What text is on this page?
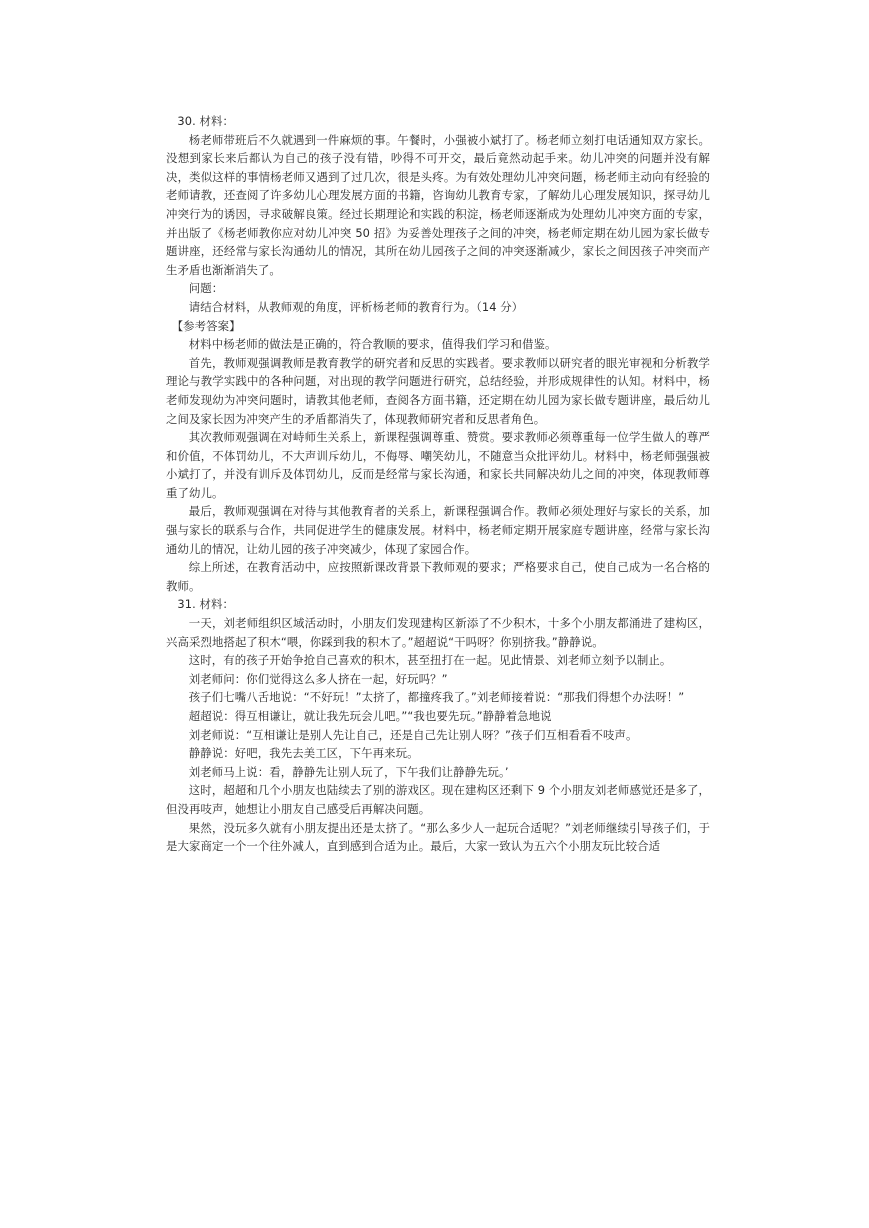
30. 材料：

杨老师带班后不久就遇到一件麻烦的事。午餐时，小强被小斌打了。杨老师立刻打电话通知双方家长。没想到家长来后都认为自己的孩子没有错，吵得不可开交，最后竟然动起手来。幼儿冲突的问题并没有解决，类似这样的事情杨老师又遇到了过几次，很是头疼。为有效处理幼儿冲突问题，杨老师主动向有经验的老师请教，还查阅了许多幼儿心理发展方面的书籍，咨询幼儿教育专家，了解幼儿心理发展知识，探寻幼儿冲突行为的诱因，寻求破解良策。经过长期理论和实践的积淀，杨老师逐渐成为处理幼儿冲突方面的专家，并出版了《杨老师教你应对幼儿冲突 50 招》为妥善处理孩子之间的冲突，杨老师定期在幼儿园为家长做专题讲座，还经常与家长沟通幼儿的情况，其所在幼儿园孩子之间的冲突逐渐减少，家长之间因孩子冲突而产生矛盾也渐渐消失了。

问题：

请结合材料，从教师观的角度，评析杨老师的教育行为。（14 分）

【参考答案】

材料中杨老师的做法是正确的，符合教顺的要求，值得我们学习和借鉴。

首先，教师观强调教师是教育教学的研究者和反思的实践者。要求教师以研究者的眼光审视和分析教学理论与教学实践中的各种问题，对出现的教学问题进行研究，总结经验，并形成规律性的认知。材料中，杨老师发现幼为冲突问题时，请教其他老师，查阅各方面书籍，还定期在幼儿园为家长做专题讲座，最后幼儿之间及家长因为冲突产生的矛盾都消失了，体现教师研究者和反思者角色。

其次教师观强调在对峙师生关系上，新课程强调尊重、赞赏。要求教师必须尊重每一位学生做人的尊严和价值，不体罚幼儿，不大声训斥幼儿，不侮辱、嘲笑幼儿，不随意当众批评幼儿。材料中，杨老师强强被小斌打了，并没有训斥及体罚幼儿，反而是经常与家长沟通，和家长共同解决幼儿之间的冲突，体现教师尊重了幼儿。

最后，教师观强调在对待与其他教育者的关系上，新课程强调合作。教师必须处理好与家长的关系，加强与家长的联系与合作，共同促进学生的健康发展。材料中，杨老师定期开展家庭专题讲座，经常与家长沟通幼儿的情况，让幼儿园的孩子冲突减少，体现了家园合作。

综上所述，在教育活动中，应按照新课改背景下教师观的要求；严格要求自己，使自己成为一名合格的教师。

31. 材料：

一天，刘老师组织区域活动时，小朋友们发现建构区新添了不少积木，十多个小朋友都涌进了建构区，兴高采烈地搭起了积木“喂，你踩到我的积木了。”超超说“干吗呀？你别挤我。”静静说。

这时，有的孩子开始争抢自己喜欢的积木，甚至扭打在一起。见此情景、刘老师立刻予以制止。

刘老师问：你们觉得这么多人挤在一起，好玩吗？”

孩子们七嘴八舌地说：“不好玩！”太挤了，都撞疼我了。”刘老师接着说：“那我们得想个办法呀！”

超超说：得互相谦让，就让我先玩会儿吧。”“我也要先玩。”静静着急地说

刘老师说：“互相谦让是别人先让自己，还是自己先让别人呀？”孩子们互相看看不吱声。

静静说：好吧，我先去美工区，下午再来玩。

刘老师马上说：看，静静先让别人玩了，下午我们让静静先玩。’

这时，超超和几个小朋友也陆续去了别的游戏区。现在建构区还剩下 9 个小朋友刘老师感觉还是多了，但没再吱声，她想让小朋友自己感受后再解决问题。

果然，没玩多久就有小朋友提出还是太挤了。“那么多少人一起玩合适呢？”刘老师继续引导孩子们，于是大家商定一个一个往外减人，直到感到合适为止。最后，大家一致认为五六个小朋友玩比较合适
